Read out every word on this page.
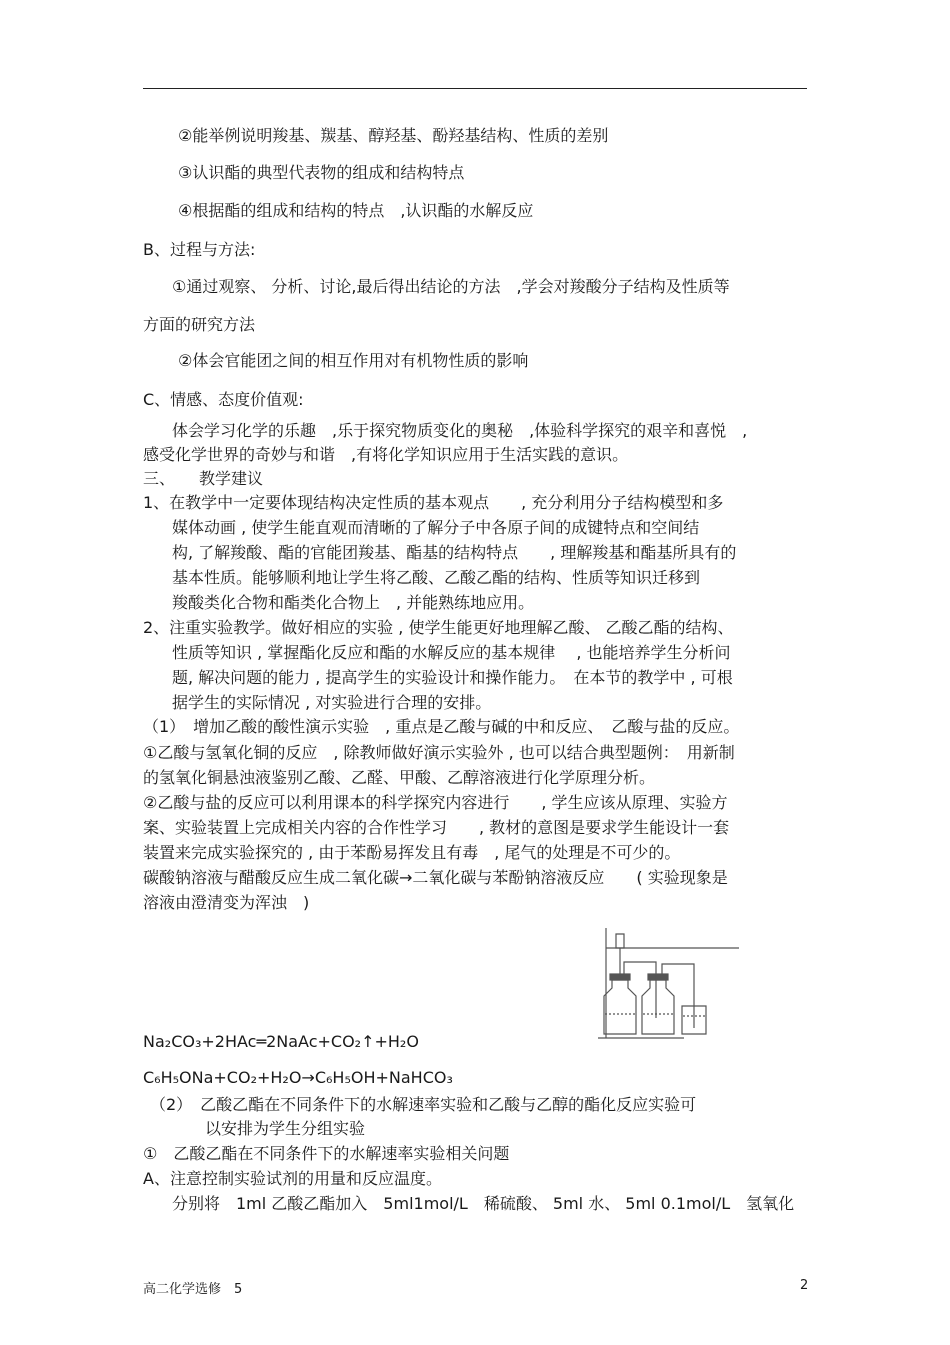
②能举例说明羧基、羰基、醇羟基、酚羟基结构、性质的差别
③认识酯的典型代表物的组成和结构特点
④根据酯的组成和结构的特点　,认识酯的水解反应
B、过程与方法:
①通过观察、 分析、讨论,最后得出结论的方法　,学会对羧酸分子结构及性质等
方面的研究方法
②体会官能团之间的相互作用对有机物性质的影响
C、情感、态度价值观:
体会学习化学的乐趣　,乐于探究物质变化的奥秘　,体验科学探究的艰辛和喜悦　,
感受化学世界的奇妙与和谐　,有将化学知识应用于生活实践的意识。
三、　　教学建议
1、在教学中一定要体现结构决定性质的基本观点　　, 充分利用分子结构模型和多
媒体动画 , 使学生能直观而清晰的了解分子中各原子间的成键特点和空间结
构, 了解羧酸、酯的官能团羧基、酯基的结构特点　　, 理解羧基和酯基所具有的
基本性质。能够顺利地让学生将乙酸、乙酸乙酯的结构、性质等知识迁移到
羧酸类化合物和酯类化合物上　, 并能熟练地应用。
2、注重实验教学。做好相应的实验 , 使学生能更好地理解乙酸、 乙酸乙酯的结构、
性质等知识 , 掌握酯化反应和酯的水解反应的基本规律　 , 也能培养学生分析问
题, 解决问题的能力 , 提高学生的实验设计和操作能力。　在本节的教学中 , 可根
据学生的实际情况 , 对实验进行合理的安排。
（1）　增加乙酸的酸性演示实验　, 重点是乙酸与碱的中和反应、　乙酸与盐的反应。
①乙酸与氢氧化铜的反应　, 除教师做好演示实验外 , 也可以结合典型题例：　用新制
的氢氧化铜悬浊液鉴别乙酸、乙醛、甲酸、乙醇溶液进行化学原理分析。
②乙酸与盐的反应可以利用课本的科学探究内容进行　　, 学生应该从原理、实验方
案、实验装置上完成相关内容的合作性学习　　, 教材的意图是要求学生能设计一套
装置来完成实验探究的 , 由于苯酚易挥发且有毒　, 尾气的处理是不可少的。
碳酸钠溶液与醋酸反应生成二氧化碳→二氧化碳与苯酚钠溶液反应　　( 实验现象是
溶液由澄清变为浑浊　)
Na₂CO₃+2HAc═2NaAc+CO₂↑+H₂O
C₆H₅ONa+CO₂+H₂O→C₆H₅OH+NaHCO₃
（2）　乙酸乙酯在不同条件下的水解速率实验和乙酸与乙醇的酯化反应实验可
以安排为学生分组实验
①　乙酸乙酯在不同条件下的水解速率实验相关问题
A、注意控制实验试剂的用量和反应温度。
分别将　1ml 乙酸乙酯加入　5ml1mol/L　稀硫酸、 5ml 水、 5ml 0.1mol/L　氢氧化
高二化学选修　5	2
